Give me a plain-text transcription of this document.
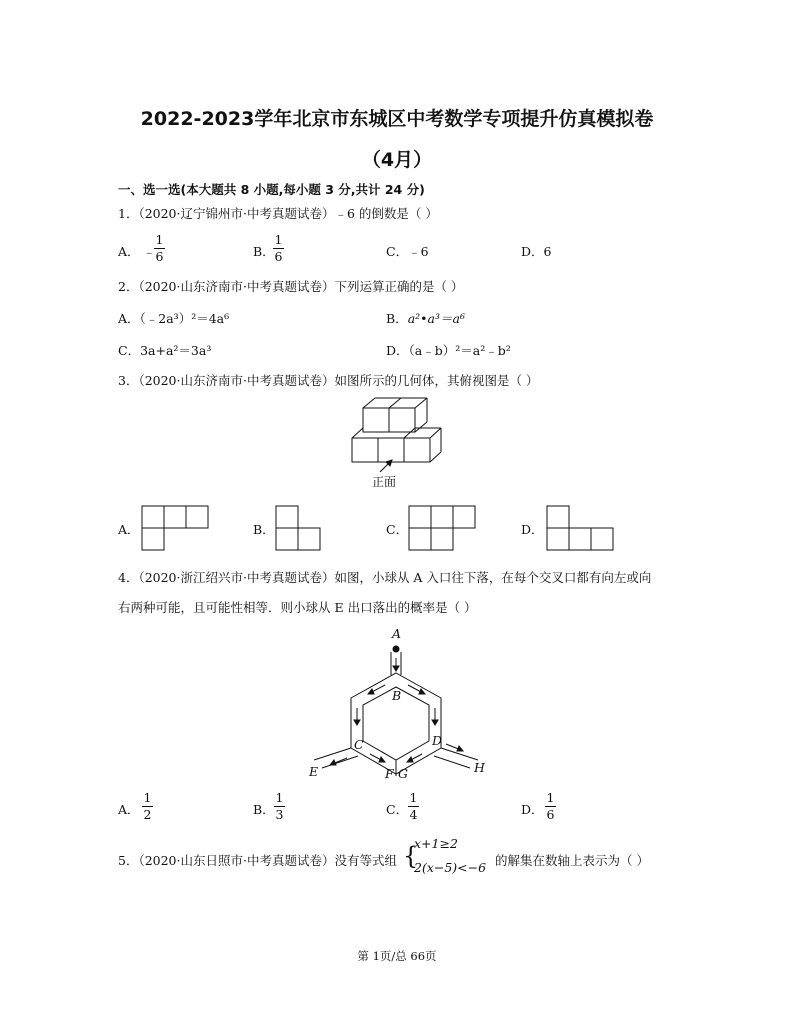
2022-2023学年北京市东城区中考数学专项提升仿真模拟卷
（4月）
一、选一选(本大题共 8 小题,每小题 3 分,共计 24 分)
1．（2020·辽宁锦州市·中考真题试卷）﹣6 的倒数是（ ）
A． ﹣
1
6	B．
1
6	C．﹣6	D．6
2．（2020·山东济南市·中考真题试卷）下列运算正确的是（ ）
A．（﹣2a³）²＝4a⁶	B．a²•a³＝a⁶
C．3a+a²＝3a³	D．（a﹣b）²＝a²﹣b²
3．（2020·山东济南市·中考真题试卷）如图所示的几何体，其俯视图是（ ）
正面
A．	B．	C．	D．
4．（2020·浙江绍兴市·中考真题试卷）如图，小球从 A 入口往下落，在每个交叉口都有向左或向
右两种可能，且可能性相等．则小球从 E 出口落出的概率是（ ）
A
B
C	D
E	F G	H
A．
1
2	B．
1
3	C．
1
4	D．
1
6
5．（2020·山东日照市·中考真题试卷）没有等式组 {
x+1≥2
2(x−5)<−6 的解集在数轴上表示为（ ）
第 1页/总 66页
